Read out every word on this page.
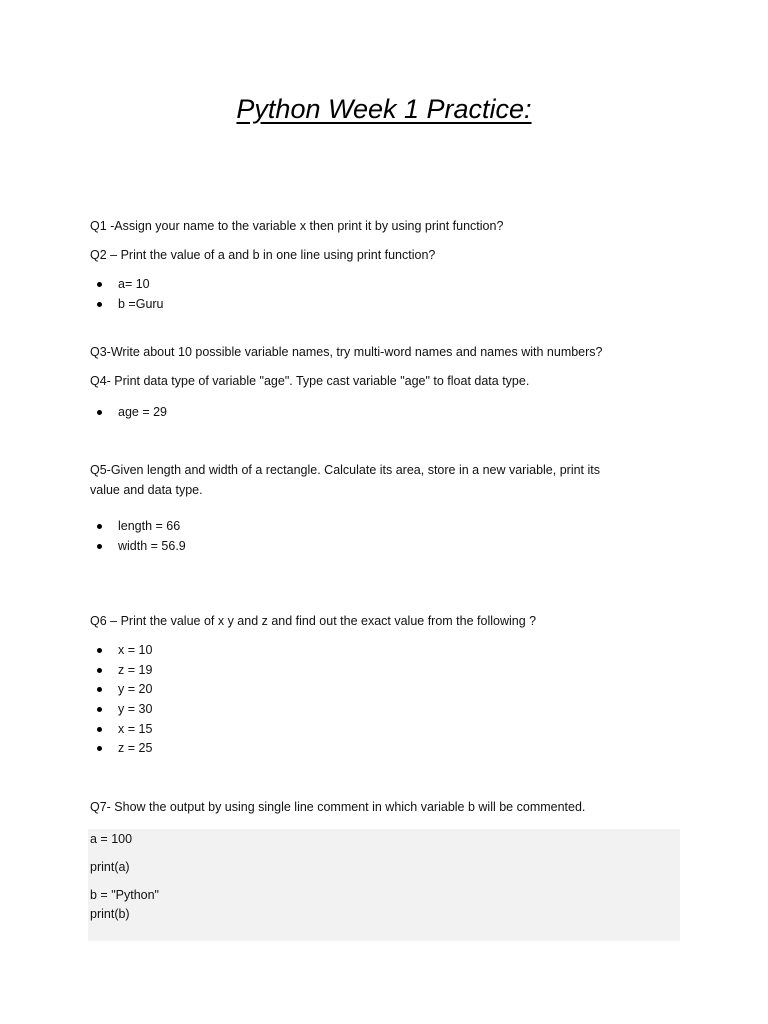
Python Week 1 Practice:

Q1 -Assign your name to the variable x then print it by using print function?

Q2 – Print the value of a and b in one line using print function?

a= 10
b =Guru

Q3-Write about 10 possible variable names, try multi-word names and names with numbers?

Q4- Print data type of variable "age". Type cast variable "age" to float data type.

age = 29

Q5-Given length and width of a rectangle. Calculate its area, store in a new variable, print its value and data type.

length = 66
width = 56.9

Q6 – Print the value of x y and z and find out the exact value from the following ?

x = 10
z = 19
y = 20
y = 30
x = 15
z = 25

Q7- Show the output by using single line comment in which variable b will be commented.

a = 100
print(a)
b = "Python"
print(b)
